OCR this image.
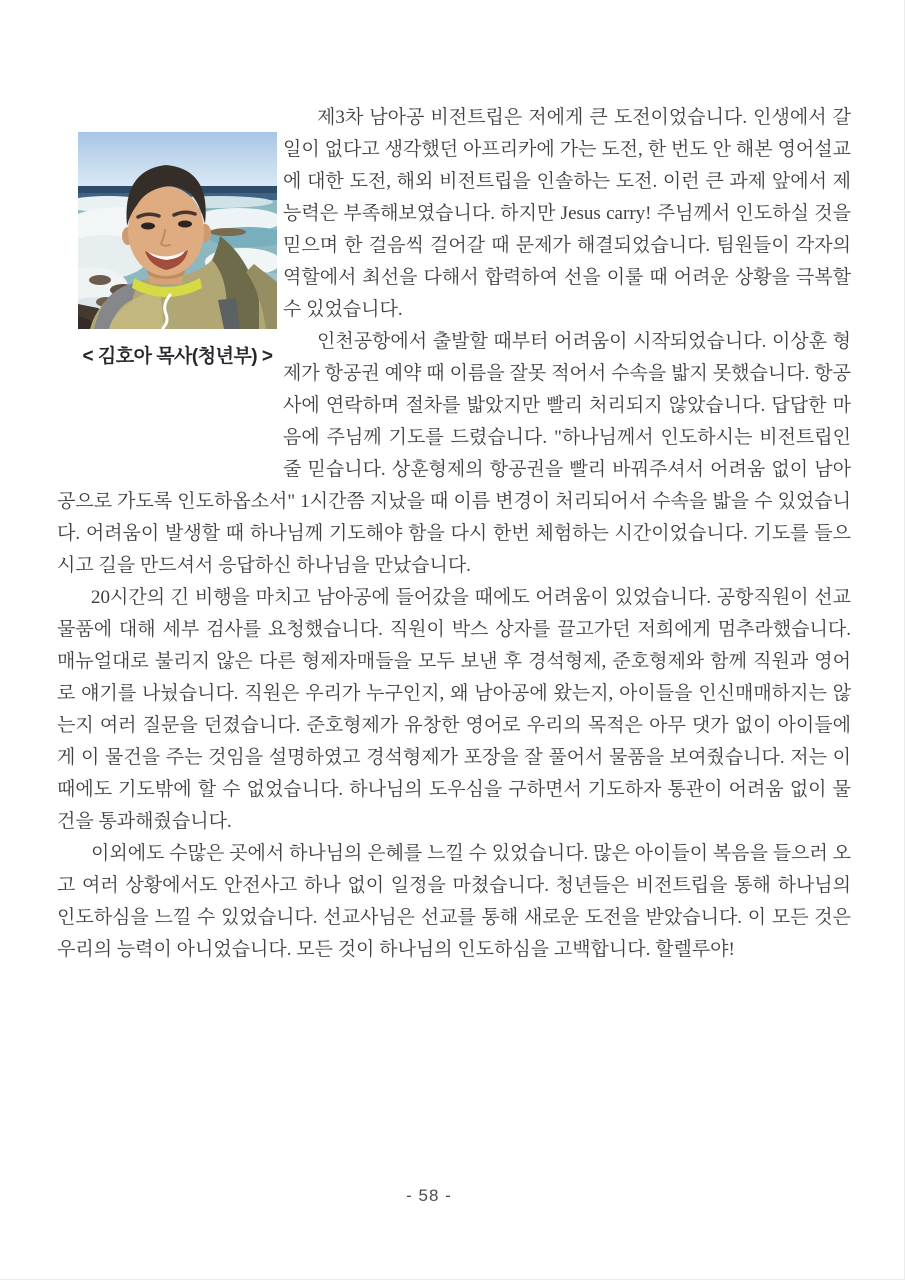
< 김호아 목사(청년부) >

제3차 남아공 비전트립은 저에게 큰 도전이었습니다. 인생에서 갈 일이 없다고 생각했던 아프리카에 가는 도전, 한 번도 안 해본 영어설교에 대한 도전, 해외 비전트립을 인솔하는 도전. 이런 큰 과제 앞에서 제 능력은 부족해보였습니다. 하지만 Jesus carry! 주님께서 인도하실 것을 믿으며 한 걸음씩 걸어갈 때 문제가 해결되었습니다. 팀원들이 각자의 역할에서 최선을 다해서 합력하여 선을 이룰 때 어려운 상황을 극복할 수 있었습니다.

인천공항에서 출발할 때부터 어려움이 시작되었습니다. 이상훈 형제가 항공권 예약 때 이름을 잘못 적어서 수속을 밟지 못했습니다. 항공사에 연락하며 절차를 밟았지만 빨리 처리되지 않았습니다. 답답한 마음에 주님께 기도를 드렸습니다. "하나님께서 인도하시는 비전트립인 줄 믿습니다. 상훈형제의 항공권을 빨리 바꿔주셔서 어려움 없이 남아공으로 가도록 인도하옵소서" 1시간쯤 지났을 때 이름 변경이 처리되어서 수속을 밟을 수 있었습니다. 어려움이 발생할 때 하나님께 기도해야 함을 다시 한번 체험하는 시간이었습니다. 기도를 들으시고 길을 만드셔서 응답하신 하나님을 만났습니다.

20시간의 긴 비행을 마치고 남아공에 들어갔을 때에도 어려움이 있었습니다. 공항직원이 선교물품에 대해 세부 검사를 요청했습니다. 직원이 박스 상자를 끌고가던 저희에게 멈추라했습니다. 매뉴얼대로 불리지 않은 다른 형제자매들을 모두 보낸 후 경석형제, 준호형제와 함께 직원과 영어로 얘기를 나눴습니다. 직원은 우리가 누구인지, 왜 남아공에 왔는지, 아이들을 인신매매하지는 않는지 여러 질문을 던졌습니다. 준호형제가 유창한 영어로 우리의 목적은 아무 댓가 없이 아이들에게 이 물건을 주는 것임을 설명하였고 경석형제가 포장을 잘 풀어서 물품을 보여줬습니다. 저는 이 때에도 기도밖에 할 수 없었습니다. 하나님의 도우심을 구하면서 기도하자 통관이 어려움 없이 물건을 통과해줬습니다.

이외에도 수많은 곳에서 하나님의 은혜를 느낄 수 있었습니다. 많은 아이들이 복음을 들으러 오고 여러 상황에서도 안전사고 하나 없이 일정을 마쳤습니다. 청년들은 비전트립을 통해 하나님의 인도하심을 느낄 수 있었습니다. 선교사님은 선교를 통해 새로운 도전을 받았습니다. 이 모든 것은 우리의 능력이 아니었습니다. 모든 것이 하나님의 인도하심을 고백합니다. 할렐루야!

- 58 -
